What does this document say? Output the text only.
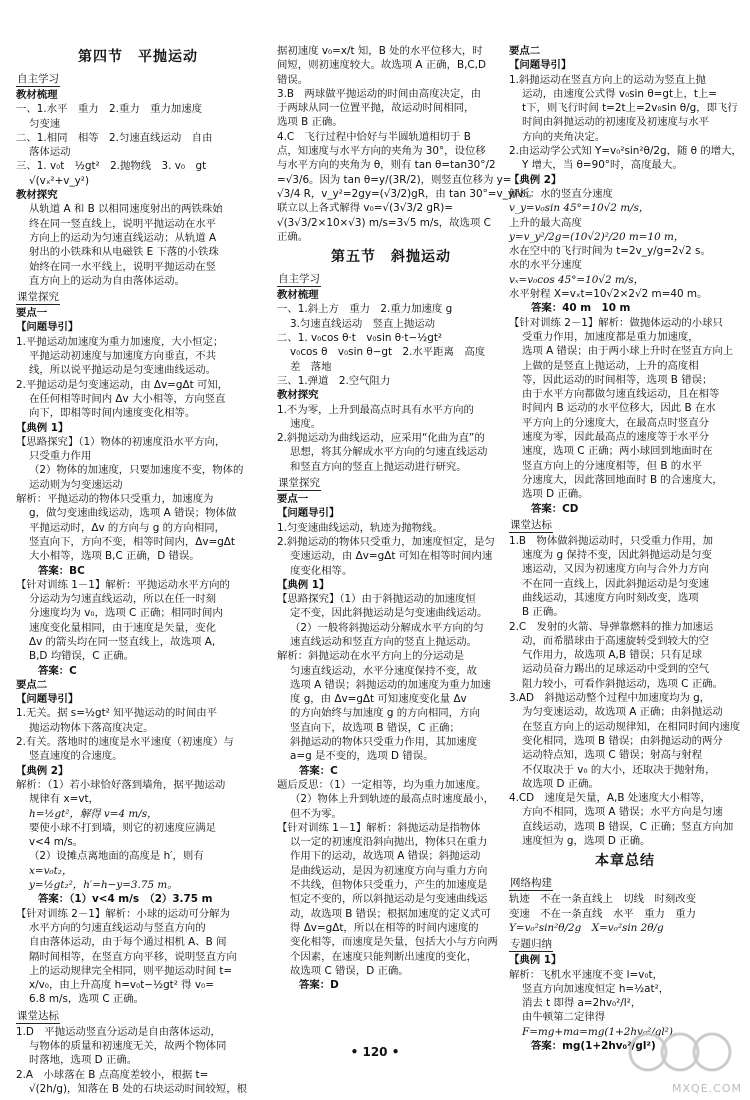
第四节　平抛运动
自主学习
教材梳理
一、1.水平　重力　2.重力　重力加速度
匀变速
二、1.相同　相等　2.匀速直线运动　自由
落体运动
三、1. v₀t　½gt²　2.抛物线　3. v₀　gt
√(vₓ²+v_y²)
教材探究
从轨道 A 和 B 以相同速度射出的两铁珠始
终在同一竖直线上，说明平抛运动在水平
方向上的运动为匀速直线运动；从轨道 A
射出的小铁珠和从电磁铁 E 下落的小铁珠
始终在同一水平线上，说明平抛运动在竖
直方向上的运动为自由落体运动。
课堂探究
要点一
【问题导引】
1.平抛运动加速度为重力加速度，大小恒定；
平抛运动初速度与加速度方向垂直，不共
线，所以说平抛运动是匀变速曲线运动。
2.平抛运动是匀变速运动，由 Δv=gΔt 可知，
在任何相等时间内 Δv 大小相等，方向竖直
向下，即相等时间内速度变化相等。
【典例 1】
【思路探究】（1）物体的初速度沿水平方向，
只受重力作用
（2）物体的加速度，只要加速度不变，物体的
运动则为匀变速运动
解析：平抛运动的物体只受重力，加速度为
g，做匀变速曲线运动，选项 A 错误；物体做
平抛运动时，Δv 的方向与 g 的方向相同，
竖直向下，方向不变，相等时间内，Δv=gΔt
大小相等，选项 B,C 正确，D 错误。
答案：BC
【针对训练 1－1】解析：平抛运动水平方向的
分运动为匀速直线运动，所以在任一时刻
分速度均为 v₀，选项 C 正确；相同时间内
速度变化量相同，由于速度是矢量，变化
Δv 的箭头均在同一竖直线上，故选项 A,
B,D 均错误，C 正确。
答案：C
要点二
【问题导引】
1.无关。据 s=½gt² 知平抛运动的时间由平
抛运动物体下落高度决定。
2.有关。落地时的速度是水平速度（初速度）与
竖直速度的合速度。
【典例 2】
解析：（1）若小球恰好落到墙角，据平抛运动
规律有 x=vt，
h=½gt²，解得 v=4 m/s，
要使小球不打到墙，则它的初速度应满足
v<4 m/s。
（2）设摊点离地面的高度是 h′，则有
x=v₀t₂，
y=½gt₂²，h′=h−y=3.75 m。
答案：（1）v<4 m/s　（2）3.75 m
【针对训练 2－1】解析：小球的运动可分解为
水平方向的匀速直线运动与竖直方向的
自由落体运动，由于每个通过相机 A、B 间
隔时间相等，在竖直方向平移，说明竖直方向
上的运动规律完全相同，则平抛运动时间 t=
x/v₀，由上升高度 h=v₀t−½gt² 得 v₀=
6.8 m/s，选项 C 正确。
课堂达标
1.D　平抛运动竖直分运动是自由落体运动，
与物体的质量和初速度无关，故两个物体同
时落地，选项 D 正确。
2.A　小球落在 B 点高度差较小，根据 t=
√(2h/g)，知落在 B 处的石块运动时间较短，根
据初速度 v₀=x/t 知，B 处的水平位移大，时
间短，则初速度较大。故选项 A 正确，B,C,D
错误。
3.B　两球做平抛运动的时间由高度决定，由
于两球从同一位置平抛，故运动时间相同，
选项 B 正确。
4.C　飞行过程中恰好与半圆轨道相切于 B
点，知速度与水平方向的夹角为 30°，设位移
与水平方向的夹角为 θ，则有 tan θ=tan30°/2
=√3/6。因为 tan θ=y/(3R/2)，则竖直位移为 y=
√3/4 R，v_y²=2gy=(√3/2)gR，由 tan 30°=v_y/v₀。
联立以上各式解得 v₀=√(3√3/2 gR)=
√(3√3/2×10×√3) m/s=3√5 m/s，故选项 C
正确。
第五节　斜抛运动
自主学习
教材梳理
一、1.斜上方　重力　2.重力加速度 g
3.匀速直线运动　竖直上抛运动
二、1. v₀cos θ·t　v₀sin θ·t−½gt²
v₀cos θ　v₀sin θ−gt　2.水平距离　高度
差　落地
三、1.弹道　2.空气阻力
教材探究
1.不为零，上升到最高点时具有水平方向的
速度。
2.斜抛运动为曲线运动，应采用“化曲为直”的
思想，将其分解成水平方向的匀速直线运动
和竖直方向的竖直上抛运动进行研究。
课堂探究
要点一
【问题导引】
1.匀变速曲线运动，轨迹为抛物线。
2.斜抛运动的物体只受重力，加速度恒定，是匀
变速运动，由 Δv=gΔt 可知在相等时间内速
度变化相等。
【典例 1】
【思路探究】（1）由于斜抛运动的加速度恒
定不变，因此斜抛运动是匀变速曲线运动。
（2）一般将斜抛运动分解成水平方向的匀
速直线运动和竖直方向的竖直上抛运动。
解析：斜抛运动在水平方向上的分运动是
匀速直线运动，水平分速度保持不变，故
选项 A 错误；斜抛运动的加速度为重力加速
度 g，由 Δv=gΔt 可知速度变化量 Δv
的方向始终与加速度 g 的方向相同，方向
竖直向下，故选项 B 错误，C 正确；
斜抛运动的物体只受重力作用，其加速度
a=g 是不变的，选项 D 错误。
答案：C
题后反思：（1）一定相等，均为重力加速度。
（2）物体上升到轨迹的最高点时速度最小，
但不为零。
【针对训练 1－1】解析：斜抛运动是指物体
以一定的初速度沿斜向抛出，物体只在重力
作用下的运动，故选项 A 错误；斜抛运动
是曲线运动，是因为初速度方向与重力方向
不共线，但物体只受重力，产生的加速度是
恒定不变的，所以斜抛运动是匀变速曲线运
动，故选项 B 错误；根据加速度的定义式可
得 Δv=gΔt，所以在相等的时间内速度的
变化相等，而速度是矢量，包括大小与方向两
个因素，在速度只能判断出速度的变化，
故选项 C 错误，D 正确。
答案：D
要点二
【问题导引】
1.斜抛运动在竖直方向上的运动为竖直上抛
运动，由速度公式得 v₀sin θ=gt上，t上=
t下，则飞行时间 t=2t上=2v₀sin θ/g，即飞行
时间由斜抛运动的初速度及初速度与水平
方向的夹角决定。
2.由运动学公式知 Y=v₀²sin²θ/2g，随 θ 的增大，
Y 增大，当 θ=90°时，高度最大。
【典例 2】
解析：水的竖直分速度
v_y=v₀sin 45°=10√2 m/s，
上升的最大高度
y=v_y²/2g=(10√2)²/20 m=10 m，
水在空中的飞行时间为 t=2v_y/g=2√2 s。
水的水平分速度
vₓ=v₀cos 45°=10√2 m/s，
水平射程 X=vₓt=10√2×2√2 m=40 m。
答案：40 m　10 m
【针对训练 2－1】解析：做抛体运动的小球只
受重力作用，加速度都是重力加速度，
选项 A 错误；由于两小球上升时在竖直方向上
上做的是竖直上抛运动，上升的高度相
等，因此运动的时间相等，选项 B 错误；
由于水平方向都做匀速直线运动，且在相等
时间内 B 运动的水平位移大，因此 B 在水
平方向上的分速度大，在最高点时竖直分
速度为零，因此最高点的速度等于水平分
速度，选项 C 正确；两小球回到地面时在
竖直方向上的分速度相等，但 B 的水平
分速度大，因此落回地面时 B 的合速度大，
选项 D 正确。
答案：CD
课堂达标
1.B　物体做斜抛运动时，只受重力作用，加
速度为 g 保持不变，因此斜抛运动是匀变
速运动，又因为初速度方向与合外力方向
不在同一直线上，因此斜抛运动是匀变速
曲线运动，其速度方向时刻改变，选项
B 正确。
2.C　发射的火箭、导弹靠燃料的推力加速运
动，而希腊球由于高速旋转受到较大的空
气作用力，故选项 A,B 错误；只有足球
运动员奋力踢出的足球运动中受到的空气
阻力较小，可看作斜抛运动，选项 C 正确。
3.AD　斜抛运动整个过程中加速度均为 g，
为匀变速运动，故选项 A 正确；由斜抛运动
在竖直方向上的运动规律知，在相同时间内速度
变化相同，选项 B 错误；由斜抛运动的两分
运动特点知，选项 C 错误；射高与射程
不仅取决于 v₀ 的大小，还取决于抛射角，
故选项 D 正确。
4.CD　速度是矢量，A,B 处速度大小相等，
方向不相同，选项 A 错误；水平方向是匀速
直线运动，选项 B 错误，C 正确；竖直方向加
速度恒为 g，选项 D 正确。
本章总结
网络构建
轨迹　不在一条直线上　切线　时刻改变
变速　不在一条直线　水平　重力　重力
Y=v₀²sin²θ/2g　X=v₀²sin 2θ/g
专题归纳
【典例 1】
解析：飞机水平速度不变 l=v₀t，
竖直方向加速度恒定 h=½at²，
消去 t 即得 a=2hv₀²/l²，
由牛顿第二定律得
F=mg+ma=mg(1+2hv₀²/gl²)。
答案：mg(1+2hv₀²/gl²)
• 120 •
MXQE.COM
